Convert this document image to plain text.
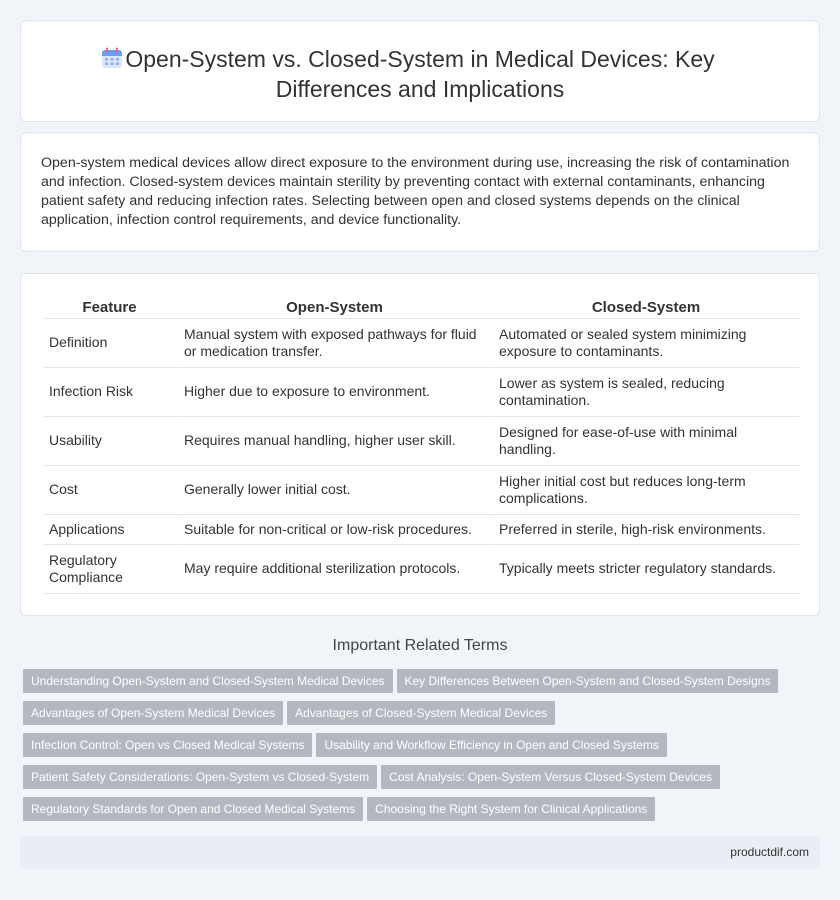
Open-System vs. Closed-System in Medical Devices: Key Differences and Implications

Open-system medical devices allow direct exposure to the environment during use, increasing the risk of contamination and infection. Closed-system devices maintain sterility by preventing contact with external contaminants, enhancing patient safety and reducing infection rates. Selecting between open and closed systems depends on the clinical application, infection control requirements, and device functionality.

Feature	Open-System	Closed-System
Definition	Manual system with exposed pathways for fluid or medication transfer.	Automated or sealed system minimizing exposure to contaminants.
Infection Risk	Higher due to exposure to environment.	Lower as system is sealed, reducing contamination.
Usability	Requires manual handling, higher user skill.	Designed for ease-of-use with minimal handling.
Cost	Generally lower initial cost.	Higher initial cost but reduces long-term complications.
Applications	Suitable for non-critical or low-risk procedures.	Preferred in sterile, high-risk environments.
Regulatory Compliance	May require additional sterilization protocols.	Typically meets stricter regulatory standards.
Important Related Terms
Understanding Open-System and Closed-System Medical Devices Key Differences Between Open-System and Closed-System Designs
Advantages of Open-System Medical Devices Advantages of Closed-System Medical Devices
Infection Control: Open vs Closed Medical Systems Usability and Workflow Efficiency in Open and Closed Systems
Patient Safety Considerations: Open-System vs Closed-System Cost Analysis: Open-System Versus Closed-System Devices
Regulatory Standards for Open and Closed Medical Systems Choosing the Right System for Clinical Applications
productdif.com
